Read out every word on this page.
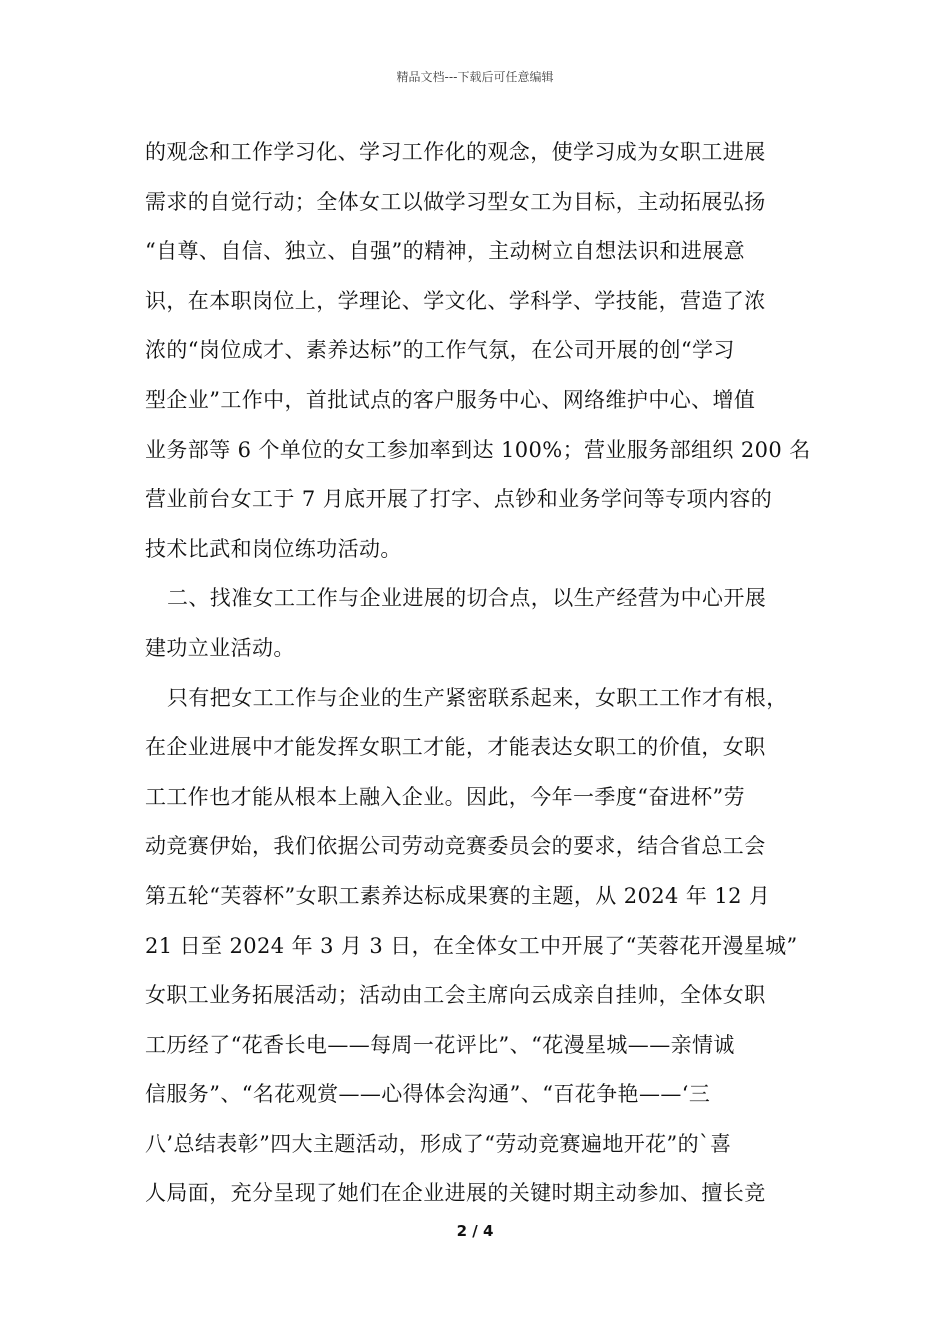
精品文档---下载后可任意编辑
的观念和工作学习化、学习工作化的观念，使学习成为女职工进展
需求的自觉行动；全体女工以做学习型女工为目标，主动拓展弘扬
“自尊、自信、独立、自强”的精神，主动树立自想法识和进展意
识，在本职岗位上，学理论、学文化、学科学、学技能，营造了浓
浓的“岗位成才、素养达标”的工作气氛，在公司开展的创“学习
型企业”工作中，首批试点的客户服务中心、网络维护中心、增值
业务部等 6 个单位的女工参加率到达 100%；营业服务部组织 200 名
营业前台女工于 7 月底开展了打字、点钞和业务学问等专项内容的
技术比武和岗位练功活动。
二、找准女工工作与企业进展的切合点，以生产经营为中心开展
建功立业活动。
只有把女工工作与企业的生产紧密联系起来，女职工工作才有根，
在企业进展中才能发挥女职工才能，才能表达女职工的价值，女职
工工作也才能从根本上融入企业。因此，今年一季度“奋进杯”劳
动竞赛伊始，我们依据公司劳动竞赛委员会的要求，结合省总工会
第五轮“芙蓉杯”女职工素养达标成果赛的主题，从 2024 年 12 月
21 日至 2024 年 3 月 3 日，在全体女工中开展了“芙蓉花开漫星城”
女职工业务拓展活动；活动由工会主席向云成亲自挂帅，全体女职
工历经了“花香长电——每周一花评比”、“花漫星城——亲情诚
信服务”、“名花观赏——心得体会沟通”、“百花争艳——‘三
八’总结表彰”四大主题活动，形成了“劳动竞赛遍地开花”的`喜
人局面，充分呈现了她们在企业进展的关键时期主动参加、擅长竞
2 / 4
